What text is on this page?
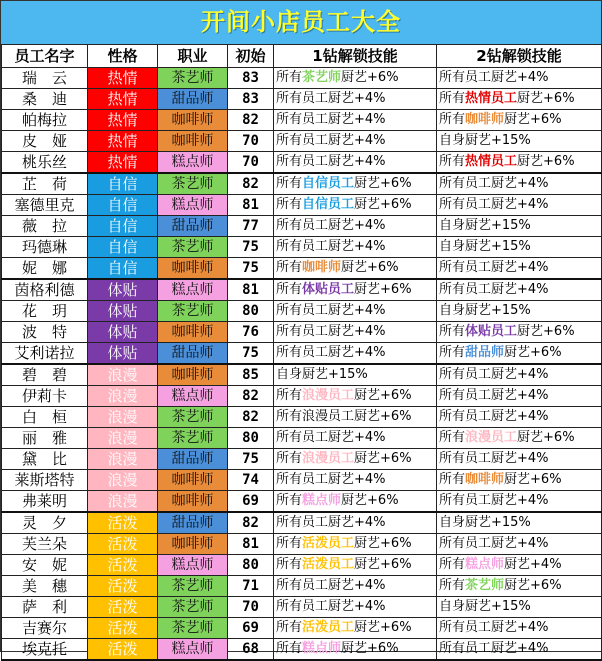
开间小店员工大全
员工名字	性格	职业	初始	1钻解锁技能	2钻解锁技能
瑞　云	热情	茶艺师	83	所有茶艺师厨艺+6%	所有员工厨艺+4%
桑　迪	热情	甜品师	83	所有员工厨艺+4%	所有热情员工厨艺+6%
帕梅拉	热情	咖啡师	82	所有员工厨艺+4%	所有咖啡师厨艺+6%
皮　娅	热情	咖啡师	70	所有员工厨艺+4%	自身厨艺+15%
桃乐丝	热情	糕点师	70	所有员工厨艺+4%	所有热情员工厨艺+6%
芷　荷	自信	茶艺师	82	所有自信员工厨艺+6%	所有员工厨艺+4%
塞德里克	自信	糕点师	81	所有自信员工厨艺+6%	所有员工厨艺+4%
薇　拉	自信	甜品师	77	所有员工厨艺+4%	自身厨艺+15%
玛德琳	自信	茶艺师	75	所有员工厨艺+4%	自身厨艺+15%
妮　娜	自信	咖啡师	75	所有咖啡师厨艺+6%	所有员工厨艺+4%
茵格利德	体贴	糕点师	81	所有体贴员工厨艺+6%	所有员工厨艺+4%
花　玥	体贴	茶艺师	80	所有员工厨艺+4%	自身厨艺+15%
波　特	体贴	咖啡师	76	所有员工厨艺+4%	所有体贴员工厨艺+6%
艾利诺拉	体贴	甜品师	75	所有员工厨艺+4%	所有甜品师厨艺+6%
碧　碧	浪漫	咖啡师	85	自身厨艺+15%	所有员工厨艺+4%
伊莉卡	浪漫	糕点师	82	所有浪漫员工厨艺+6%	所有员工厨艺+4%
白　桓	浪漫	茶艺师	82	所有浪漫员工厨艺+6%	所有员工厨艺+4%
丽　雅	浪漫	茶艺师	80	所有员工厨艺+4%	所有浪漫员工厨艺+6%
黛　比	浪漫	甜品师	75	所有浪漫员工厨艺+6%	所有员工厨艺+4%
莱斯塔特	浪漫	咖啡师	74	所有员工厨艺+4%	所有咖啡师厨艺+6%
弗莱明	浪漫	咖啡师	69	所有糕点师厨艺+6%	所有员工厨艺+4%
灵　夕	活泼	甜品师	82	所有员工厨艺+4%	自身厨艺+15%
芙兰朵	活泼	咖啡师	81	所有活泼员工厨艺+6%	所有员工厨艺+4%
安　妮	活泼	糕点师	80	所有活泼员工厨艺+6%	所有糕点师厨艺+4%
美　穗	活泼	茶艺师	71	所有员工厨艺+4%	所有茶艺师厨艺+6%
萨　利	活泼	茶艺师	70	所有员工厨艺+4%	自身厨艺+15%
吉赛尔	活泼	茶艺师	69	所有活泼员工厨艺+6%	所有员工厨艺+4%
埃克托	活泼	糕点师	68	所有糕点师厨艺+6%	所有员工厨艺+4%
